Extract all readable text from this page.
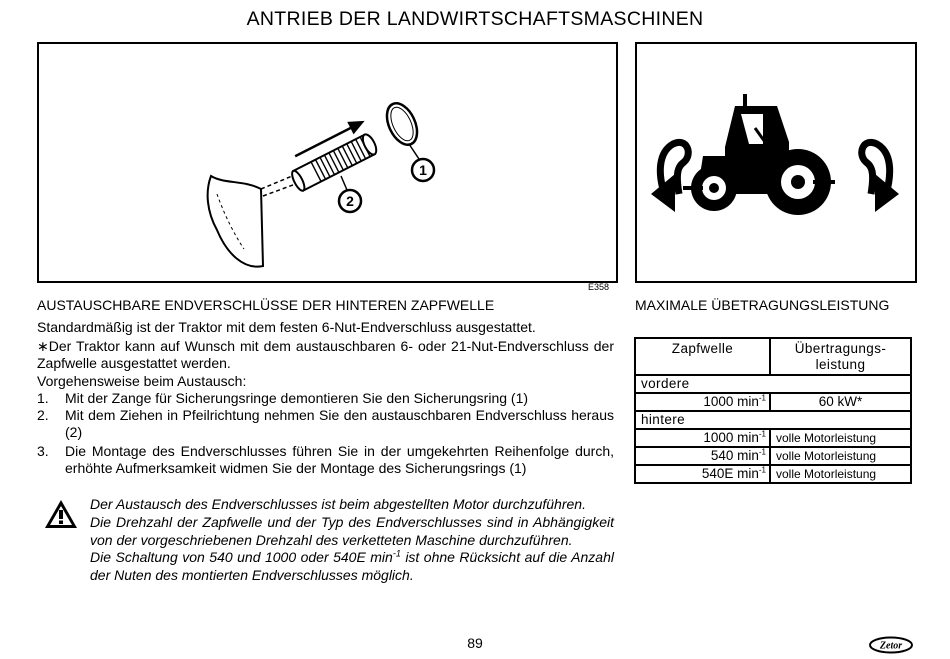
ANTRIEB DER LANDWIRTSCHAFTSMASCHINEN
1
2
E358
AUSTAUSCHBARE ENDVERSCHLÜSSE DER HINTEREN ZAPFWELLE
Standardmäßig ist der Traktor mit dem festen 6-Nut-Endverschluss ausgestattet.
∗Der Traktor kann auf Wunsch mit dem austauschbaren 6- oder 21-Nut-Endverschluss der Zapfwelle ausgestattet werden.
Vorgehensweise beim Austausch:
1. Mit der Zange für Sicherungsringe demontieren Sie den Sicherungsring (1)
2. Mit dem Ziehen in Pfeilrichtung nehmen Sie den austauschbaren Endverschluss heraus (2)
3. Die Montage des Endverschlusses führen Sie in der umgekehrten Reihenfolge durch, erhöhte Aufmerksamkeit widmen Sie der Montage des Sicherungsrings (1)

Der Austausch des Endverschlusses ist beim abgestellten Motor durchzuführen.

Die Drehzahl der Zapfwelle und der Typ des Endverschlusses sind in Abhängigkeit von der vorgeschriebenen Drehzahl des verketteten Maschine durchzuführen.

Die Schaltung von 540 und 1000 oder 540E $\min^{-1}$ ist ohne Rücksicht auf die Anzahl der Nuten des montierten Endverschlusses möglich.

MAXIMALE ÜBETRAGUNGSLEISTUNG
Zapfwelle	Übertragungs-leistung
vordere	
1000 $\min^{-1}$	60 kW*
hintere	
1000 $\min^{-1}$	volle Motorleistung
540 $\min^{-1}$	volle Motorleistung
540E $\min^{-1}$	volle Motorleistung
89	Zetor
